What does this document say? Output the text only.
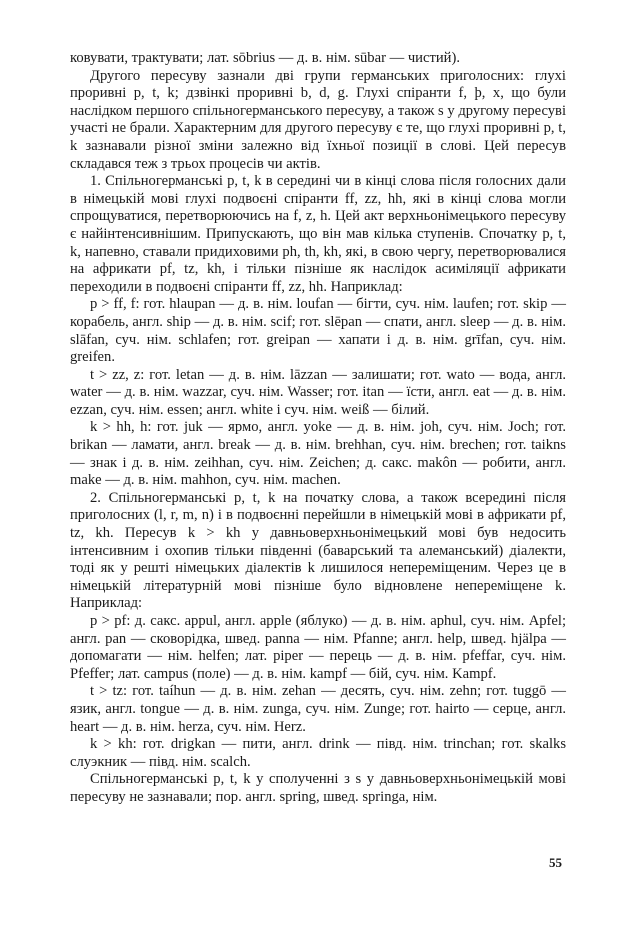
ковувати, трактувати; лат. sōbrius — д. в. нім. sūbar — чистий).

Другого пересуву зазнали дві групи германських приголосних: глухі проривні p, t, k; дзвінкі проривні b, d, g. Глухі спіранти f, þ, x, що були наслідком першого спільногерманського пересуву, а також s у другому пересуві участі не брали. Характерним для другого пересуву є те, що глухі проривні p, t, k зазнавали різної зміни залежно від їхньої позиції в слові. Цей пересув складався теж з трьох процесів чи актів.

1. Спільногерманські p, t, k в середині чи в кінці слова після голосних дали в німецькій мові глухі подвоєні спіранти ff, zz, hh, які в кінці слова могли спрощуватися, перетворюючись на f, z, h. Цей акт верхньонімецького пересуву є найінтенсивнішим. Припускають, що він мав кілька ступенів. Спочатку p, t, k, напевно, ставали придиховими ph, th, kh, які, в свою чергу, перетворювалися на африкати pf, tz, kh, і тільки пізніше як наслідок асиміляції африкати переходили в подвоєні спіранти ff, zz, hh. Наприклад:

p > ff, f: гот. hlaupan — д. в. нім. loufan — бігти, суч. нім. laufen; гот. skip — корабель, англ. ship — д. в. нім. scif; гот. slēpan — спати, англ. sleep — д. в. нім. slāfan, суч. нім. schlafen; гот. greipan — хапати і д. в. нім. grīfan, суч. нім. greifen.

t > zz, z: гот. letan — д. в. нім. lāzzan — залишати; гот. wato — вода, англ. water — д. в. нім. wazzar, суч. нім. Wasser; гот. itan — їсти, англ. eat — д. в. нім. ezzan, суч. нім. essen; англ. white і суч. нім. weiß — білий.

k > hh, h: гот. juk — ярмо, англ. yoke — д. в. нім. joh, суч. нім. Joch; гот. brikan — ламати, англ. break — д. в. нім. brehhan, суч. нім. brechen; гот. taikns — знак і д. в. нім. zeihhan, суч. нім. Zeichen; д. сакс. makôn — робити, англ. make — д. в. нім. mahhon, суч. нім. machen.

2. Спільногерманські p, t, k на початку слова, а також всередині після приголосних (l, r, m, n) і в подвоєнні перейшли в німецькій мові в африкати pf, tz, kh. Пересув k > kh у давньоверхньонімецький мові був недосить інтенсивним і охопив тільки південні (баварський та алеманський) діалекти, тоді як у решті німецьких діалектів k лишилося непереміщеним. Через це в німецькій літературній мові пізніше було відновлене непереміщене k. Наприклад:

p > pf: д. сакс. appul, англ. apple (яблуко) — д. в. нім. aphul, суч. нім. Apfel; англ. pan — сковорідка, швед. panna — нім. Pfanne; англ. help, швед. hjälpa — допомагати — нім. helfen; лат. piper — перець — д. в. нім. pfeffar, суч. нім. Pfeffer; лат. campus (поле) — д. в. нім. kampf — бій, суч. нім. Kampf.

t > tz: гот. taíhun — д. в. нім. zehan — десять, суч. нім. zehn; гот. tuggō — язик, англ. tongue — д. в. нім. zunga, суч. нім. Zunge; гот. hairto — серце, англ. heart — д. в. нім. herza, суч. нім. Herz.

k > kh: гот. drigkan — пити, англ. drink — півд. нім. trinchan; гот. skalks слуэкник — півд. нім. scalch.

Спільногерманські p, t, k у сполученні з s у давньоверхньонімецькій мові пересуву не зазнавали; пор. англ. spring, швед. springa, нім.

55
